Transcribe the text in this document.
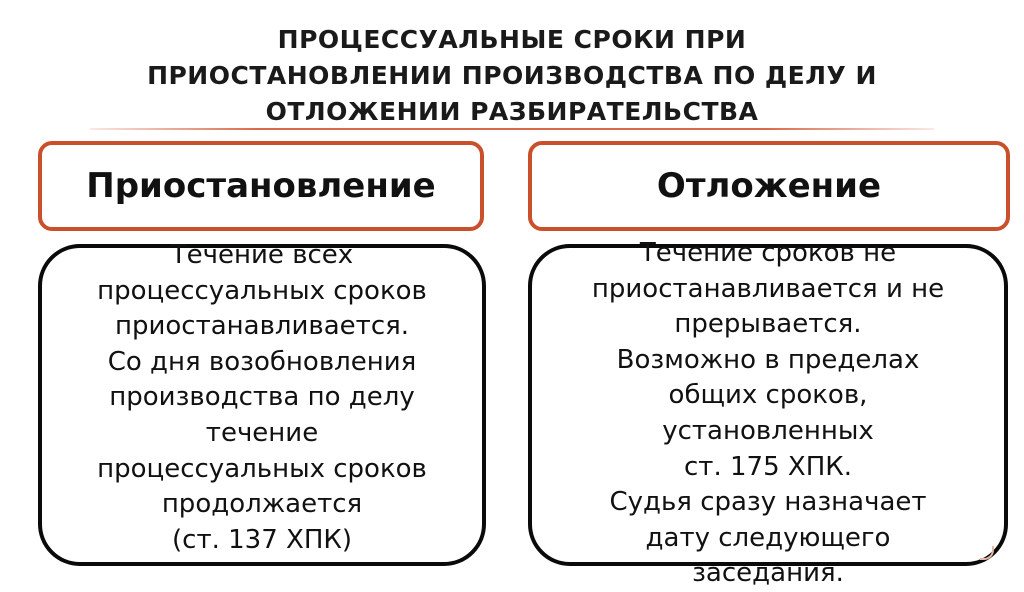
ПРОЦЕССУАЛЬНЫЕ СРОКИ ПРИ
ПРИОСТАНОВЛЕНИИ ПРОИЗВОДСТВА ПО ДЕЛУ И
ОТЛОЖЕНИИ РАЗБИРАТЕЛЬСТВА
Приостановление	Отложение
Течение всех
процессуальных сроков
приостанавливается.
Со дня возобновления
производства по делу
течение
процессуальных сроков
продолжается
(ст. 137 ХПК)
Течение сроков не
приостанавливается и не
прерывается.
Возможно в пределах
общих сроков,
установленных
ст. 175 ХПК.
Судья сразу назначает
дату следующего
заседания.
